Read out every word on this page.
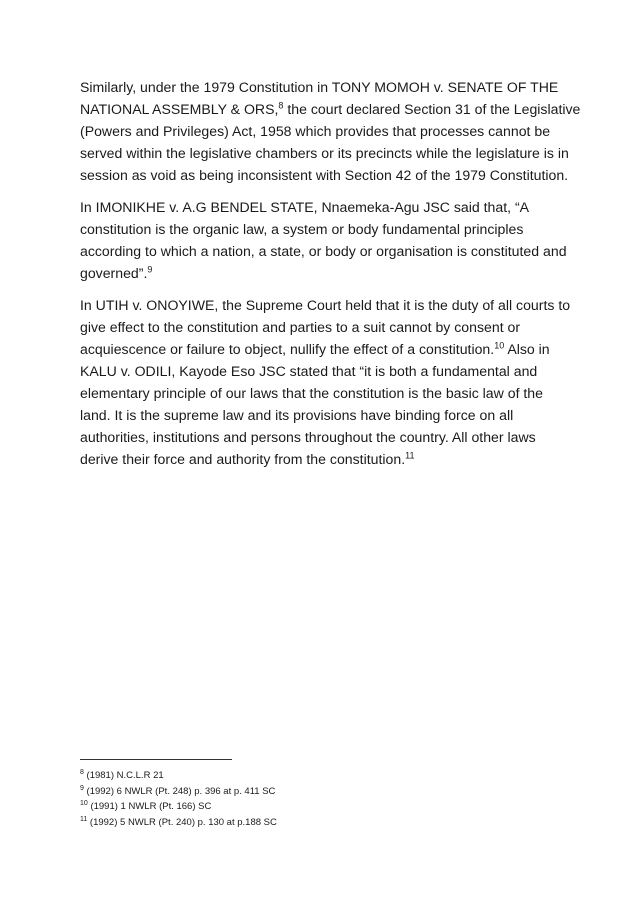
Similarly, under the 1979 Constitution in TONY MOMOH v. SENATE OF THE
NATIONAL ASSEMBLY & ORS,$^8$ the court declared Section 31 of the Legislative
(Powers and Privileges) Act, 1958 which provides that processes cannot be
served within the legislative chambers or its precincts while the legislature is in
session as void as being inconsistent with Section 42 of the 1979 Constitution.

In IMONIKHE v. A.G BENDEL STATE, Nnaemeka-Agu JSC said that, “A
constitution is the organic law, a system or body fundamental principles
according to which a nation, a state, or body or organisation is constituted and
governed”.$^9$

In UTIH v. ONOYIWE, the Supreme Court held that it is the duty of all courts to
give effect to the constitution and parties to a suit cannot by consent or
acquiescence or failure to object, nullify the effect of a constitution.$^{10}$ Also in
KALU v. ODILI, Kayode Eso JSC stated that “it is both a fundamental and
elementary principle of our laws that the constitution is the basic law of the
land. It is the supreme law and its provisions have binding force on all
authorities, institutions and persons throughout the country. All other laws
derive their force and authority from the constitution.$^{11}$

$^8$ (1981) N.C.L.R 21
$^9$ (1992) 6 NWLR (Pt. 248) p. 396 at p. 411 SC
$^{10}$ (1991) 1 NWLR (Pt. 166) SC
$^{11}$ (1992) 5 NWLR (Pt. 240) p. 130 at p.188 SC
